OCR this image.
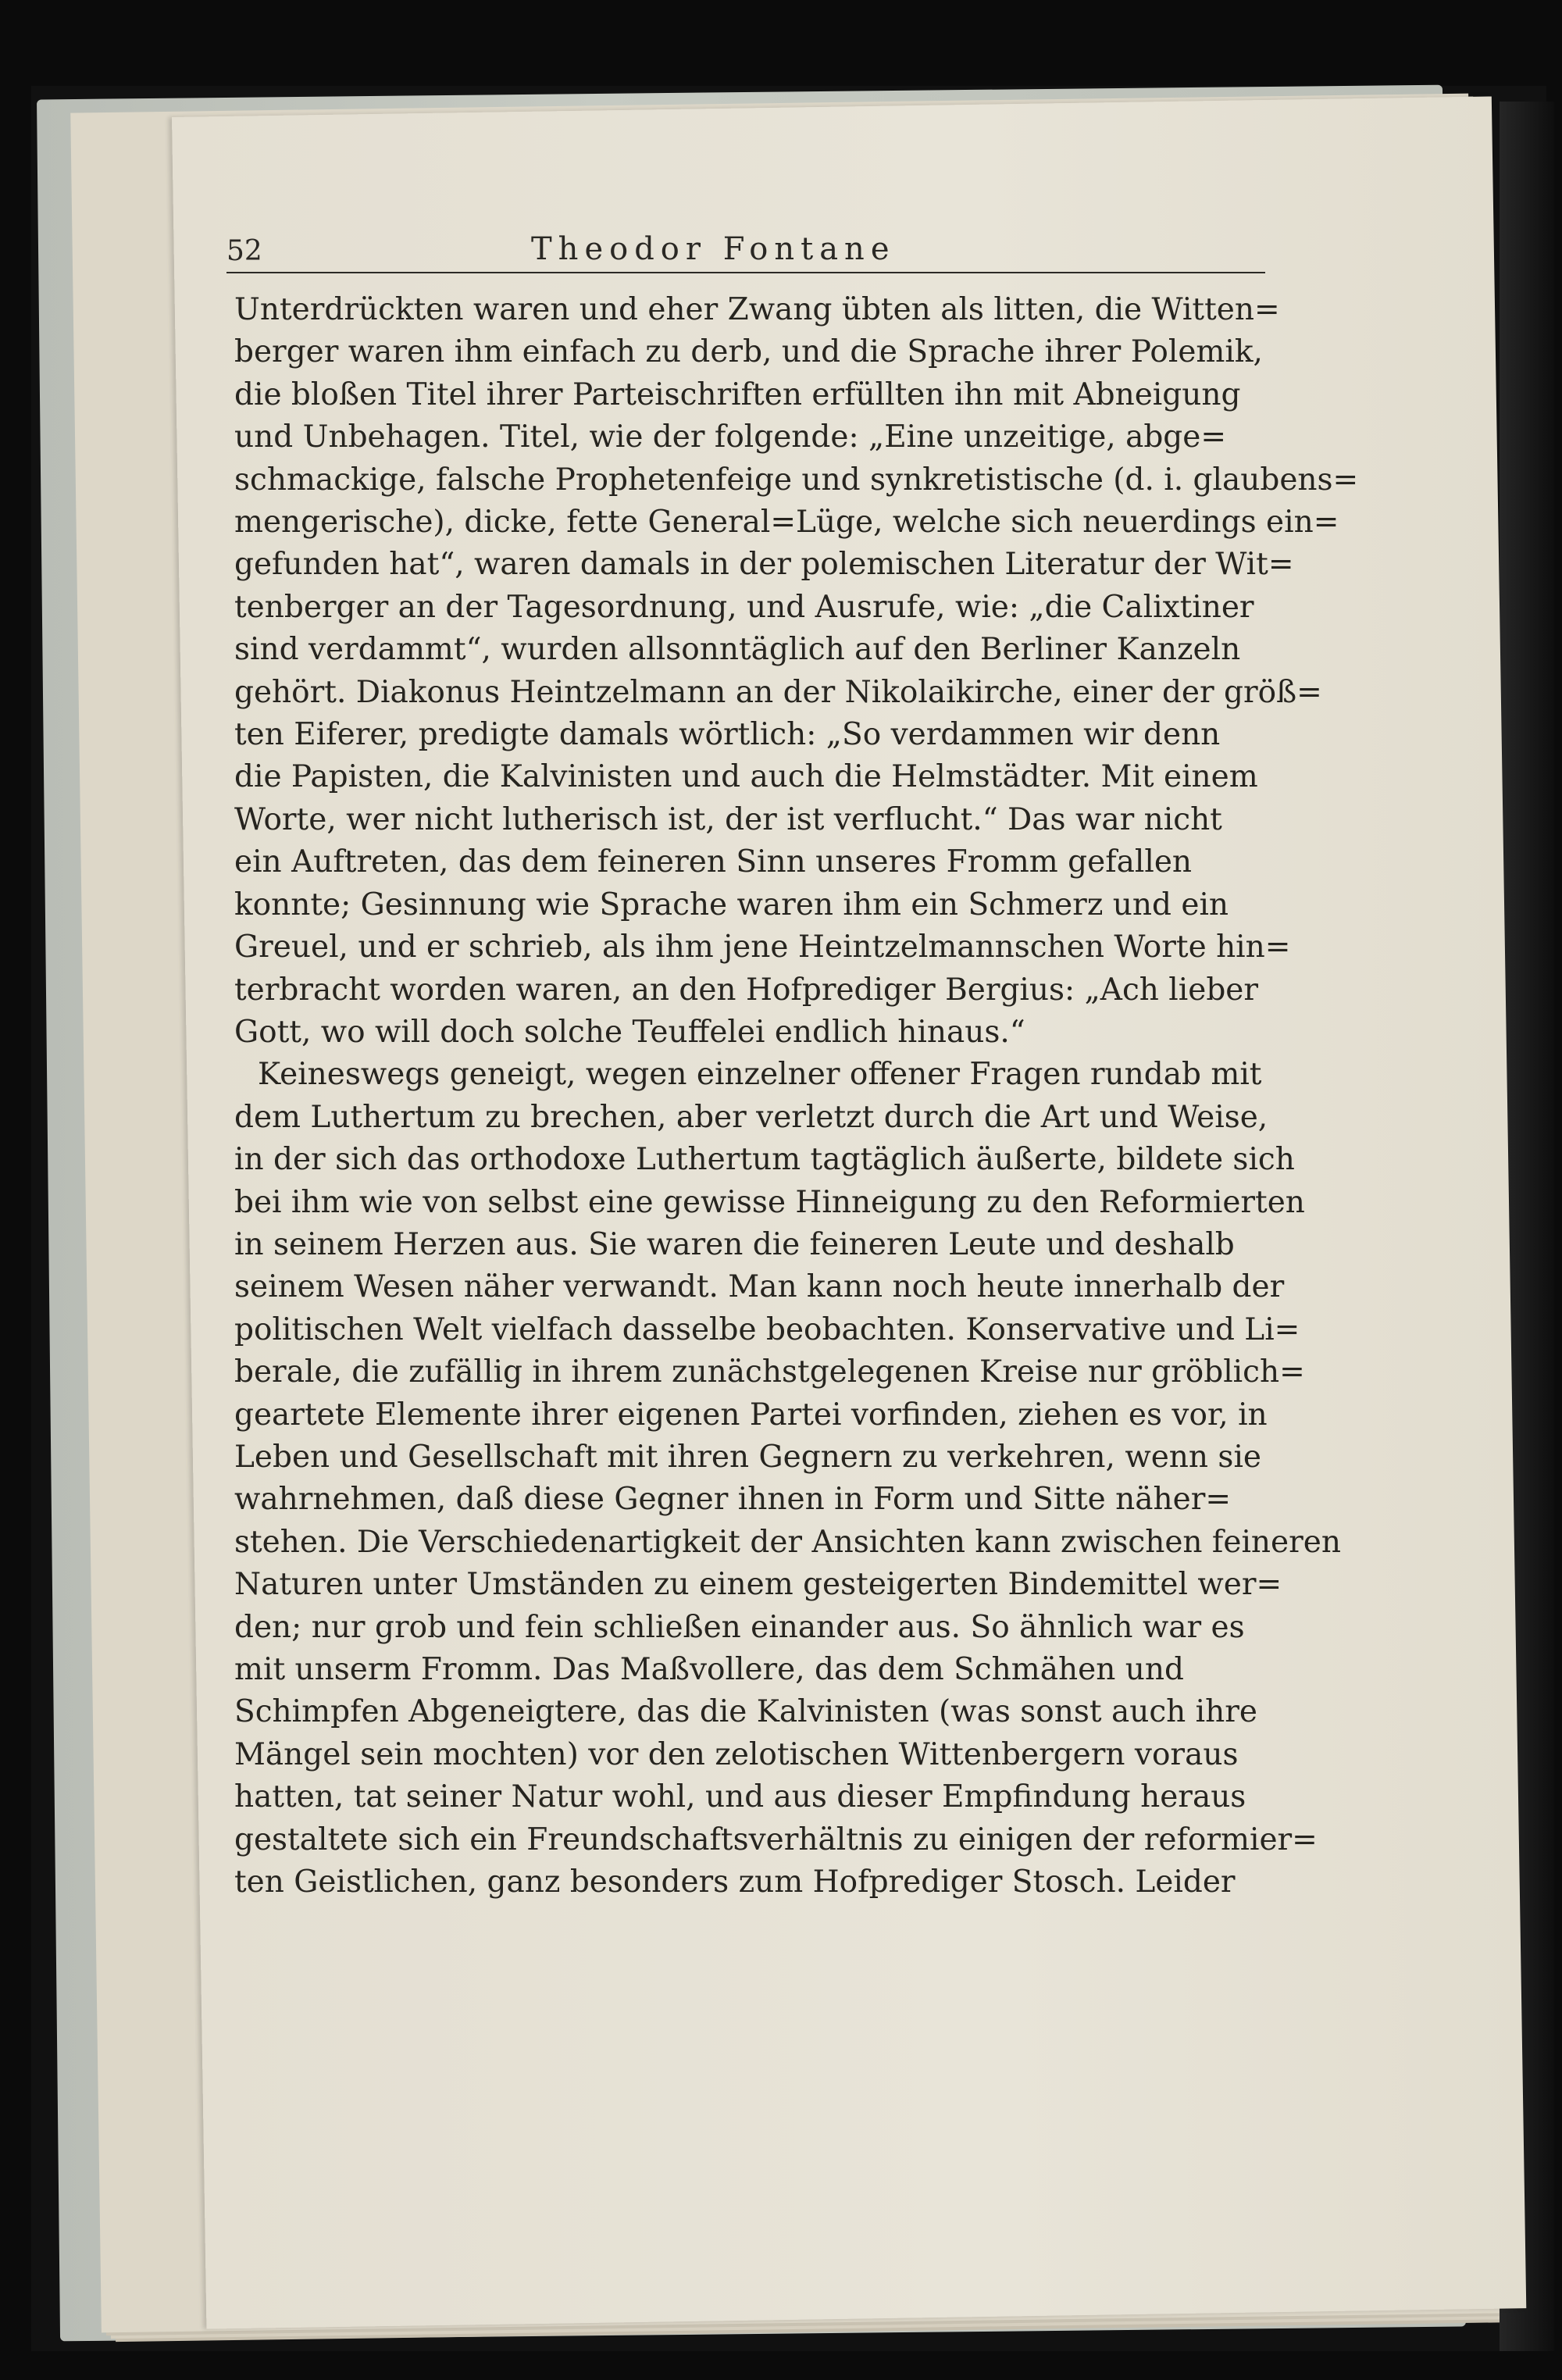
52	Theodor Fontane

Unterdrückten waren und eher Zwang übten als litten, die Witten=
berger waren ihm einfach zu derb, und die Sprache ihrer Polemik,
die bloßen Titel ihrer Parteischriften erfüllten ihn mit Abneigung
und Unbehagen. Titel, wie der folgende: „Eine unzeitige, abge=
schmackige, falsche Prophetenfeige und synkretistische (d. i. glaubens=
mengerische), dicke, fette General=Lüge, welche sich neuerdings ein=
gefunden hat“, waren damals in der polemischen Literatur der Wit=
tenberger an der Tagesordnung, und Ausrufe, wie: „die Calixtiner
sind verdammt“, wurden allsonntäglich auf den Berliner Kanzeln
gehört. Diakonus Heintzelmann an der Nikolaikirche, einer der größ=
ten Eiferer, predigte damals wörtlich: „So verdammen wir denn
die Papisten, die Kalvinisten und auch die Helmstädter. Mit einem
Worte, wer nicht lutherisch ist, der ist verflucht.“ Das war nicht
ein Auftreten, das dem feineren Sinn unseres Fromm gefallen
konnte; Gesinnung wie Sprache waren ihm ein Schmerz und ein
Greuel, und er schrieb, als ihm jene Heintzelmannschen Worte hin=
terbracht worden waren, an den Hofprediger Bergius: „Ach lieber
Gott, wo will doch solche Teuffelei endlich hinaus.“

Keineswegs geneigt, wegen einzelner offener Fragen rundab mit
dem Luthertum zu brechen, aber verletzt durch die Art und Weise,
in der sich das orthodoxe Luthertum tagtäglich äußerte, bildete sich
bei ihm wie von selbst eine gewisse Hinneigung zu den Reformierten
in seinem Herzen aus. Sie waren die feineren Leute und deshalb
seinem Wesen näher verwandt. Man kann noch heute innerhalb der
politischen Welt vielfach dasselbe beobachten. Konservative und Li=
berale, die zufällig in ihrem zunächstgelegenen Kreise nur gröblich=
geartete Elemente ihrer eigenen Partei vorfinden, ziehen es vor, in
Leben und Gesellschaft mit ihren Gegnern zu verkehren, wenn sie
wahrnehmen, daß diese Gegner ihnen in Form und Sitte näher=
stehen. Die Verschiedenartigkeit der Ansichten kann zwischen feineren
Naturen unter Umständen zu einem gesteigerten Bindemittel wer=
den; nur grob und fein schließen einander aus. So ähnlich war es
mit unserm Fromm. Das Maßvollere, das dem Schmähen und
Schimpfen Abgeneigtere, das die Kalvinisten (was sonst auch ihre
Mängel sein mochten) vor den zelotischen Wittenbergern voraus
hatten, tat seiner Natur wohl, und aus dieser Empfindung heraus
gestaltete sich ein Freundschaftsverhältnis zu einigen der reformier=
ten Geistlichen, ganz besonders zum Hofprediger Stosch. Leider
